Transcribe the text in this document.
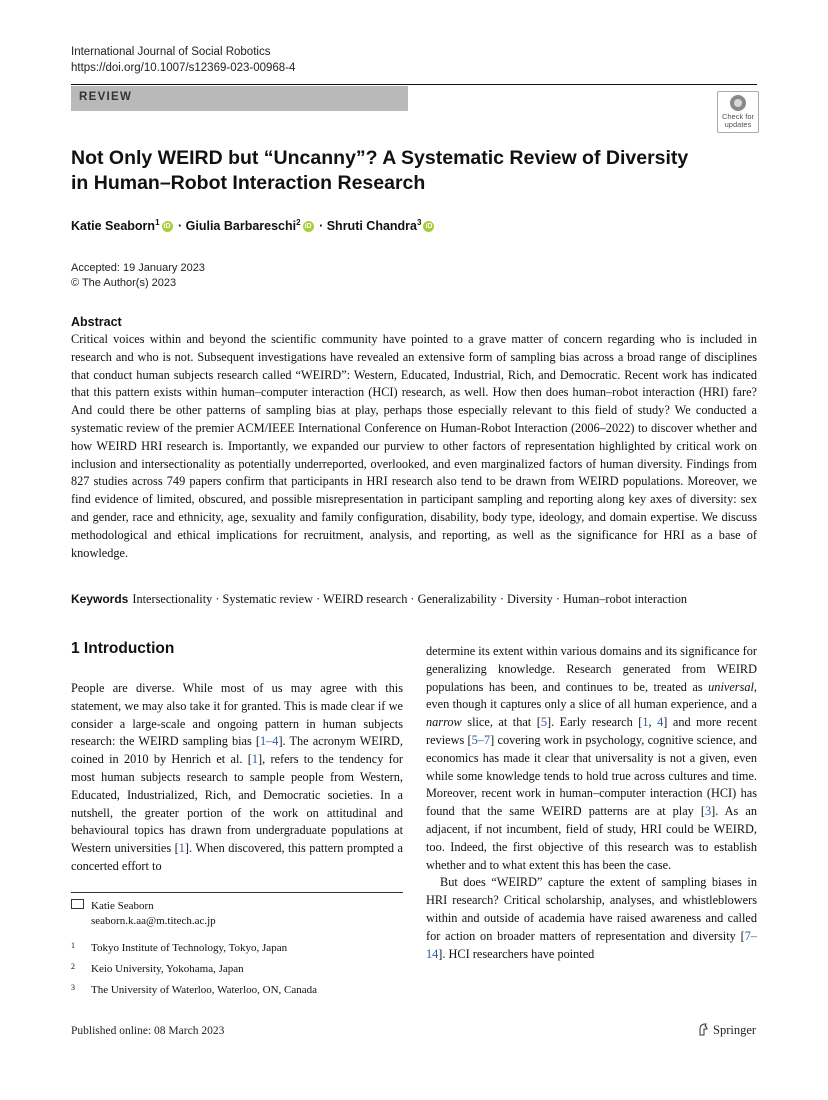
International Journal of Social Robotics
https://doi.org/10.1007/s12369-023-00968-4
REVIEW
Check for updates
Not Only WEIRD but “Uncanny”? A Systematic Review of Diversity
in Human–Robot Interaction Research
Katie Seaborn$^1$ iD · Giulia Barbareschi$^2$ iD · Shruti Chandra$^3$ iD
Accepted: 19 January 2023
© The Author(s) 2023
Abstract
Critical voices within and beyond the scientific community have pointed to a grave matter of concern regarding who is included in research and who is not. Subsequent investigations have revealed an extensive form of sampling bias across a broad range of disciplines that conduct human subjects research called “WEIRD”: Western, Educated, Industrial, Rich, and Democratic. Recent work has indicated that this pattern exists within human–computer interaction (HCI) research, as well. How then does human–robot interaction (HRI) fare? And could there be other patterns of sampling bias at play, perhaps those especially relevant to this field of study? We conducted a systematic review of the premier ACM/IEEE International Conference on Human-Robot Interaction (2006–2022) to discover whether and how WEIRD HRI research is. Importantly, we expanded our purview to other factors of representation highlighted by critical work on inclusion and intersectionality as potentially underreported, overlooked, and even marginalized factors of human diversity. Findings from 827 studies across 749 papers confirm that participants in HRI research also tend to be drawn from WEIRD populations. Moreover, we find evidence of limited, obscured, and possible misrepresentation in participant sampling and reporting along key axes of diversity: sex and gender, race and ethnicity, age, sexuality and family configuration, disability, body type, ideology, and domain expertise. We discuss methodological and ethical implications for recruitment, analysis, and reporting, as well as the significance for HRI as a base of knowledge.
Keywords Intersectionality · Systematic review · WEIRD research · Generalizability · Diversity · Human–robot interaction
1 Introduction

People are diverse. While most of us may agree with this statement, we may also take it for granted. This is made clear if we consider a large-scale and ongoing pattern in human subjects research: the WEIRD sampling bias [1–4]. The acronym WEIRD, coined in 2010 by Henrich et al. [1], refers to the tendency for most human subjects research to sample people from Western, Educated, Industrialized, Rich, and Democratic societies. In a nutshell, the greater portion of the work on attitudinal and behavioural topics has drawn from undergraduate populations at Western universities [1]. When discovered, this pattern prompted a concerted effort to

determine its extent within various domains and its significance for generalizing knowledge. Research generated from WEIRD populations has been, and continues to be, treated as universal, even though it captures only a slice of all human experience, and a narrow slice, at that [5]. Early research [1, 4] and more recent reviews [5–7] covering work in psychology, cognitive science, and economics has made it clear that universality is not a given, even while some knowledge tends to hold true across cultures and time. Moreover, recent work in human–computer interaction (HCI) has found that the same WEIRD patterns are at play [3]. As an adjacent, if not incumbent, field of study, HRI could be WEIRD, too. Indeed, the first objective of this research was to establish whether and to what extent this has been the case.

But does “WEIRD” capture the extent of sampling biases in HRI research? Critical scholarship, analyses, and whistleblowers within and outside of academia have raised awareness and called for action on broader matters of representation and diversity [7–14]. HCI researchers have pointed

Katie Seaborn
seaborn.k.aa@m.titech.ac.jp
1 Tokyo Institute of Technology, Tokyo, Japan
2 Keio University, Yokohama, Japan
3 The University of Waterloo, Waterloo, ON, Canada
Published online: 08 March 2023	Springer
